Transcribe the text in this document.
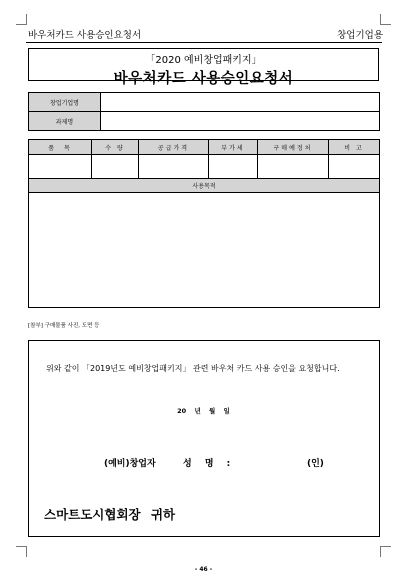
바우처카드 사용승인요청서	창업기업용
「2020 예비창업패키지」
바우처카드 사용승인요청서
창업기업명	
과제명	
품　목	수 량	공급가격	부가세	구매예정처	비 고

사용목적					

[참부] 구매물품 사진, 도면 등
위와 같이 「2019년도 예비창업패키지」 관련 바우처 카드 사용 승인을 요청합니다.
20 년 월 일
(예비)창업자	성 명 :	(인)
스마트도시협회장 귀하
- 46 -
